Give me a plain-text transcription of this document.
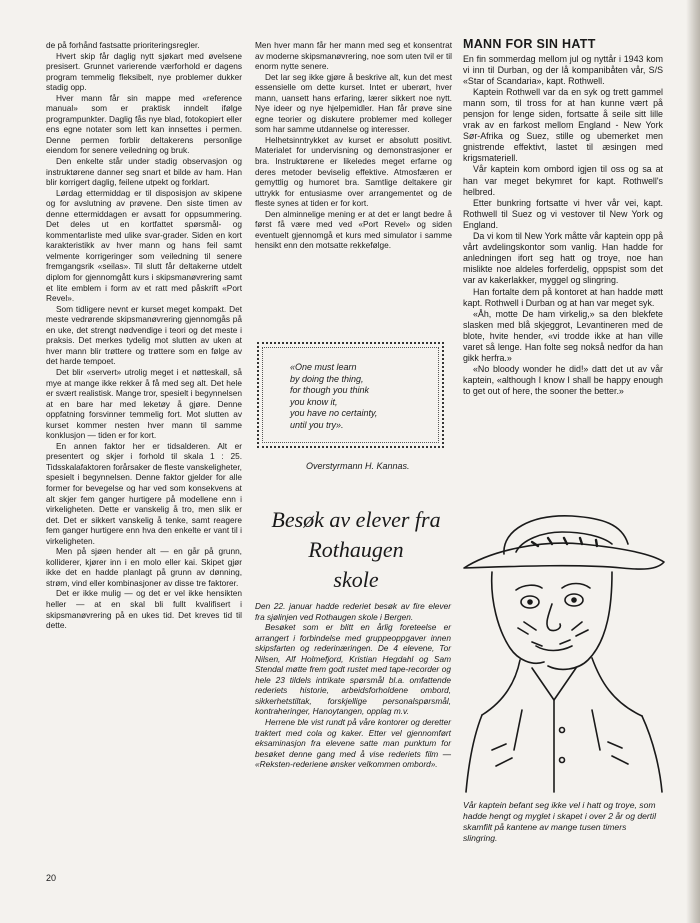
de på forhånd fastsatte prioriteringsregler.

Hvert skip får daglig nytt sjøkart med øvelsene presisert. Grunnet varierende værforhold er dagens program temmelig fleksibelt, nye problemer dukker stadig opp.

Hver mann får sin mappe med «reference manual» som er praktisk inndelt ifølge programpunkter. Daglig fås nye blad, fotokopiert eller ens egne notater som lett kan innsettes i permen. Denne permen forblir deltakerens personlige eiendom for senere veiledning og bruk.

Den enkelte står under stadig observasjon og instruktørene danner seg snart et bilde av ham. Han blir korrigert daglig, feilene utpekt og forklart.

Lørdag ettermiddag er til disposisjon av skipene og for avslutning av prøvene. Den siste timen av denne ettermiddagen er avsatt for oppsummering. Det deles ut en kortfattet spørsmål- og kommentarliste med ulike svar-grader. Siden en kort karakteristikk av hver mann og hans feil samt velmente korrigeringer som veiledning til senere fremgangsrik «seilas». Til slutt får deltakerne utdelt diplom for gjennomgått kurs i skipsmanøvrering samt et lite emblem i form av et ratt med påskrift «Port Revel».

Som tidligere nevnt er kurset meget kompakt. Det meste vedrørende skipsmanøvrering gjennomgås på en uke, det strengt nødvendige i teori og det meste i praksis. Det merkes tydelig mot slutten av uken at hver mann blir trøttere og trøttere som en følge av det harde tempoet.

Det blir «servert» utrolig meget i et nøtteskall, så mye at mange ikke rekker å få med seg alt. Det hele er svært realistisk. Mange tror, spesielt i begynnelsen at en bare har med leketøy å gjøre. Denne oppfatning forsvinner temmelig fort. Mot slutten av kurset kommer nesten hver mann til samme konklusjon — tiden er for kort.

En annen faktor her er tidsalderen. Alt er presentert og skjer i forhold til skala 1 : 25. Tidsskalafaktoren forårsaker de fleste vanskeligheter, spesielt i begynnelsen. Denne faktor gjelder for alle former for bevegelse og har ved som konsekvens at alt skjer fem ganger hurtigere på modellene enn i virkeligheten. Dette er vanskelig å tro, men slik er det. Det er sikkert vanskelig å tenke, samt reagere fem ganger hurtigere enn hva den enkelte er vant til i virkeligheten.

Men på sjøen hender alt — en går på grunn, kolliderer, kjører inn i en molo eller kai. Skipet gjør ikke det en hadde planlagt på grunn av dønning, strøm, vind eller kombinasjoner av disse tre faktorer.

Det er ikke mulig — og det er vel ikke hensikten heller — at en skal bli fullt kvalifisert i skipsmanøvrering på en ukes tid. Det kreves tid til dette.

Men hver mann får her mann med seg et konsentrat av moderne skipsmanøvrering, noe som uten tvil er til enorm nytte senere.

Det lar seg ikke gjøre å beskrive alt, kun det mest essensielle om dette kurset. Intet er uberørt, hver mann, uansett hans erfaring, lærer sikkert noe nytt. Nye ideer og nye hjelpemidler. Han får prøve sine egne teorier og diskutere problemer med kolleger som har samme utdannelse og interesser.

Helhetsinntrykket av kurset er absolutt positivt. Materialet for undervisning og demonstrasjoner er bra. Instruktørene er likeledes meget erfarne og deres metoder beviselig effektive. Atmosfæren er gemyttlig og humoret bra. Samtlige deltakere gir uttrykk for entusiasme over arrangementet og de fleste synes at tiden er for kort.

Den alminnelige mening er at det er langt bedre å først få være med ved «Port Revel» og siden eventuelt gjennomgå et kurs med simulator i samme hensikt enn den motsatte rekkefølge.

«One must learn
by doing the thing,
for though you think
you know it,
you have no certainty,
until you try».
Overstyrmann H. Kannas.
Besøk av elever fra
Rothaugen
skole

Den 22. januar hadde rederiet besøk av fire elever fra sjølinjen ved Rothaugen skole i Bergen.

Besøket som er blitt en årlig foreteelse er arrangert i forbindelse med gruppeoppgaver innen skipsfarten og rederinæringen. De 4 elevene, Tor Nilsen, Alf Holmefjord, Kristian Hegdahl og Sam Stendal møtte frem godt rustet med tape-recorder og hele 23 tildels intrikate spørsmål bl.a. omfattende rederiets historie, arbeidsforholdene ombord, sikkerhetstiltak, forskjellige personalspørsmål, kontraheringer, Hanoytangen, opplag m.v.

Herrene ble vist rundt på våre kontorer og deretter traktert med cola og kaker. Etter vel gjennomført eksaminasjon fra elevene satte man punktum for besøket denne gang med å vise rederiets film — «Reksten-rederiene ønsker velkommen ombord».

MANN FOR SIN HATT

En fin sommerdag mellom jul og nyttår i 1943 kom vi inn til Durban, og der lå kompanibåten vår, S/S «Star of Scandaria», kapt. Rothwell.

Kaptein Rothwell var da en syk og trett gammel mann som, til tross for at han kunne vært på pensjon for lenge siden, fortsatte å seile sitt lille vrak av en farkost mellom England - New York Sør-Afrika og Suez, stille og ubemerket men gnistrende effektivt, lastet til æsingen med krigsmateriell.

Vår kaptein kom ombord igjen til oss og sa at han var meget bekymret for kapt. Rothwell's helbred.

Etter bunkring fortsatte vi hver vår vei, kapt. Rothwell til Suez og vi vestover til New York og England.

Da vi kom til New York måtte vår kaptein opp på vårt avdelingskontor som vanlig. Han hadde for anledningen ifort seg hatt og troye, noe han mislikte noe aldeles forferdelig, oppspist som det var av kakerlakker, myggel og slingring.

Han fortalte dem på kontoret at han hadde møtt kapt. Rothwell i Durban og at han var meget syk.

«Åh, motte De ham virkelig,» sa den blekfete slasken med blå skjeggrot, Levantineren med de blote, hvite hender, «vi trodde ikke at han ville varet så lenge. Han folte seg nokså nedfor da han gikk herfra.»

«No bloody wonder he did!» datt det ut av vår kaptein, «although I know I shall be happy enough to get out of here, the sooner the better.»

Vår kaptein befant seg ikke vel i hatt og troye, som hadde hengt og myglet i skapet i over 2 år og dertil skamfilt på kantene av mange tusen timers slingring.
20
